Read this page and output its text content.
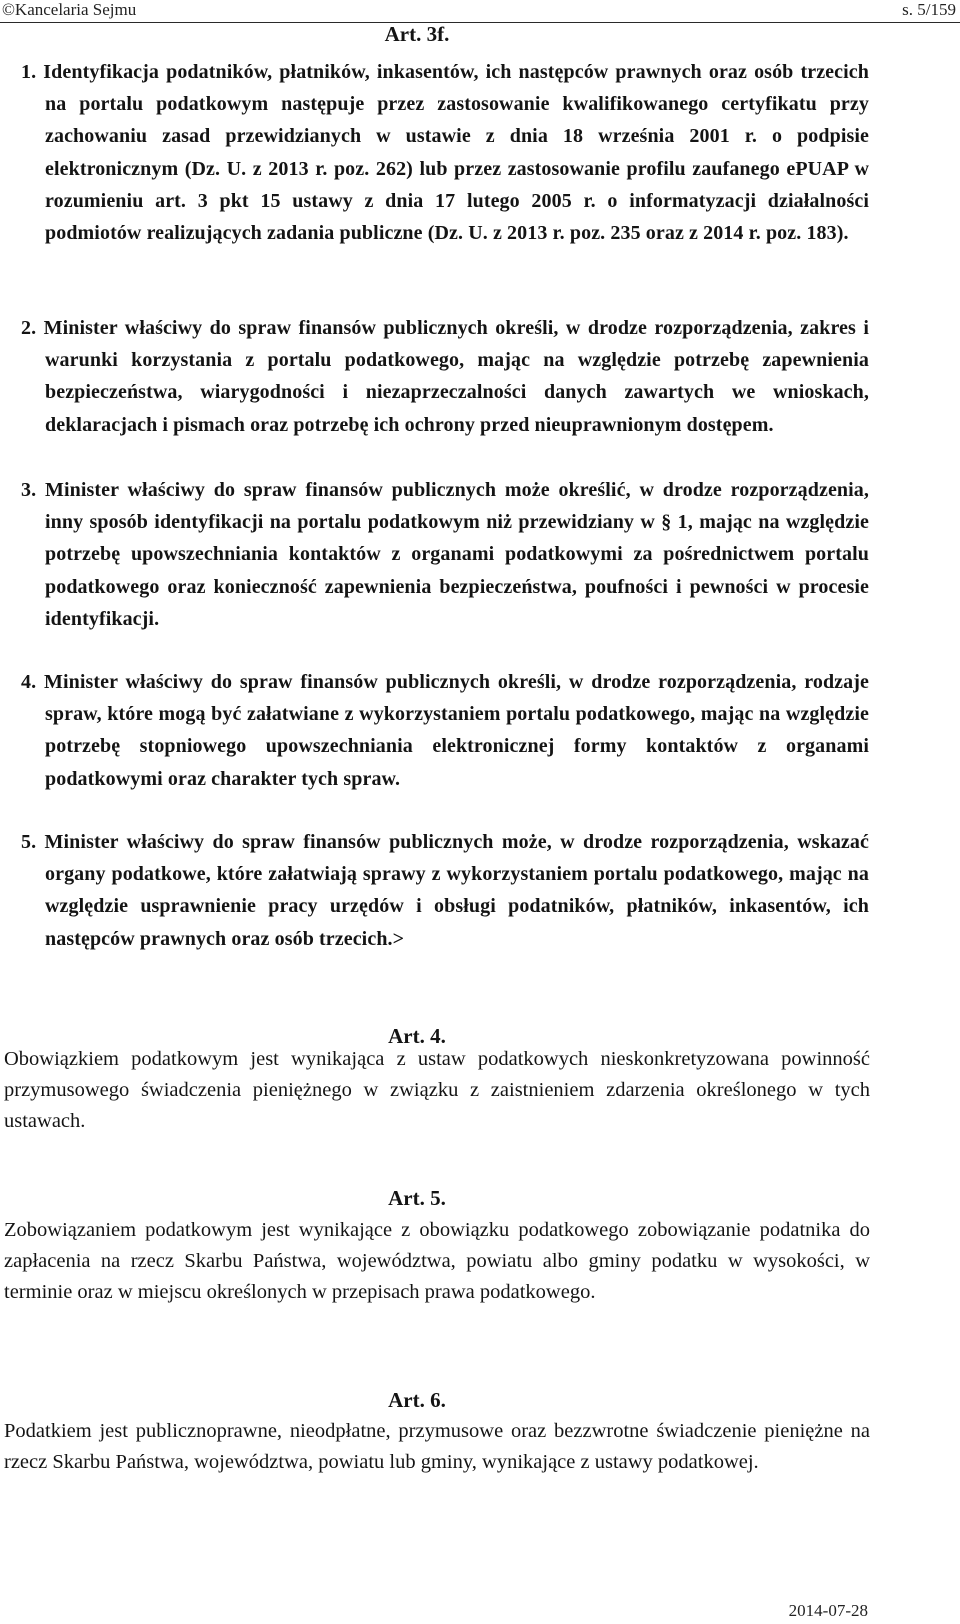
©Kancelaria Sejmu	s. 5/159
Art. 3f.

1. Identyfikacja podatników, płatników, inkasentów, ich następców prawnych oraz osób trzecich na portalu podatkowym następuje przez zastosowanie kwalifikowanego certyfikatu przy zachowaniu zasad przewidzianych w ustawie z dnia 18 września 2001 r. o podpisie elektronicznym (Dz. U. z 2013 r. poz. 262) lub przez zastosowanie profilu zaufanego ePUAP w rozumieniu art. 3 pkt 15 ustawy z dnia 17 lutego 2005 r. o informatyzacji działalności podmiotów realizujących zadania publiczne (Dz. U. z 2013 r. poz. 235 oraz z 2014 r. poz. 183).

2. Minister właściwy do spraw finansów publicznych określi, w drodze rozporządzenia, zakres i warunki korzystania z portalu podatkowego, mając na względzie potrzebę zapewnienia bezpieczeństwa, wiarygodności i niezaprzeczalności danych zawartych we wnioskach, deklaracjach i pismach oraz potrzebę ich ochrony przed nieuprawnionym dostępem.

3. Minister właściwy do spraw finansów publicznych może określić, w drodze rozporządzenia, inny sposób identyfikacji na portalu podatkowym niż przewidziany w § 1, mając na względzie potrzebę upowszechniania kontaktów z organami podatkowymi za pośrednictwem portalu podatkowego oraz konieczność zapewnienia bezpieczeństwa, poufności i pewności w procesie identyfikacji.

4. Minister właściwy do spraw finansów publicznych określi, w drodze rozporządzenia, rodzaje spraw, które mogą być załatwiane z wykorzystaniem portalu podatkowego, mając na względzie potrzebę stopniowego upowszechniania elektronicznej formy kontaktów z organami podatkowymi oraz charakter tych spraw.

5. Minister właściwy do spraw finansów publicznych może, w drodze rozporządzenia, wskazać organy podatkowe, które załatwiają sprawy z wykorzystaniem portalu podatkowego, mając na względzie usprawnienie pracy urzędów i obsługi podatników, płatników, inkasentów, ich następców prawnych oraz osób trzecich.>

Art. 4.

Obowiązkiem podatkowym jest wynikająca z ustaw podatkowych nieskonkretyzowana powinność przymusowego świadczenia pieniężnego w związku z zaistnieniem zdarzenia określonego w tych ustawach.

Art. 5.

Zobowiązaniem podatkowym jest wynikające z obowiązku podatkowego zobowiązanie podatnika do zapłacenia na rzecz Skarbu Państwa, województwa, powiatu albo gminy podatku w wysokości, w terminie oraz w miejscu określonych w przepisach prawa podatkowego.

Art. 6.

Podatkiem jest publicznoprawne, nieodpłatne, przymusowe oraz bezzwrotne świadczenie pieniężne na rzecz Skarbu Państwa, województwa, powiatu lub gminy, wynikające z ustawy podatkowej.

2014-07-28
